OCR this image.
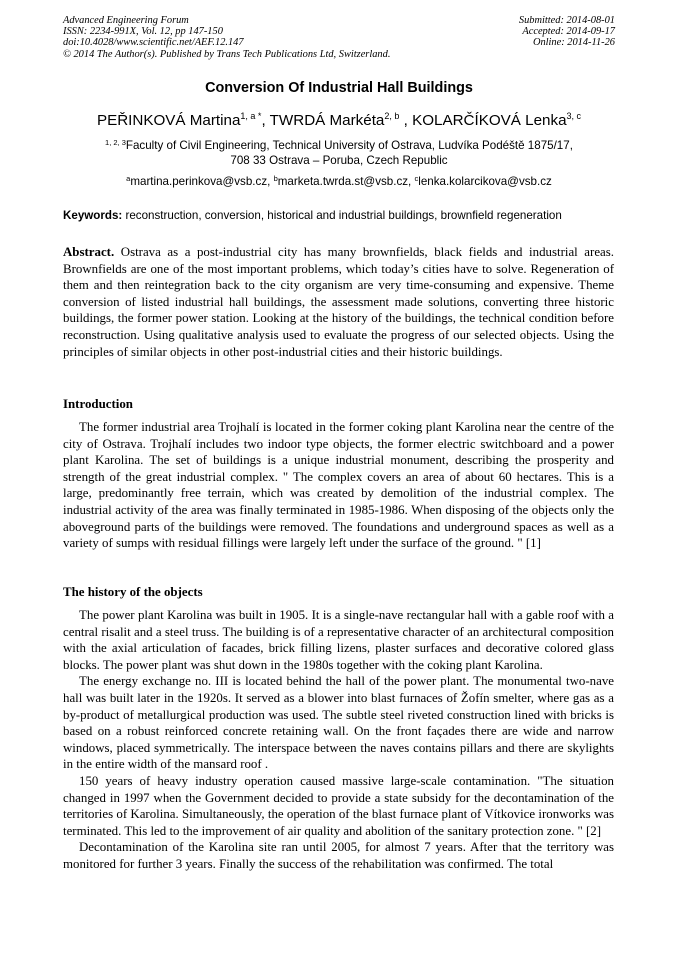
Advanced Engineering Forum
ISSN: 2234-991X, Vol. 12, pp 147-150
doi:10.4028/www.scientific.net/AEF.12.147
© 2014 The Author(s). Published by Trans Tech Publications Ltd, Switzerland.
Submitted: 2014-08-01
Accepted: 2014-09-17
Online: 2014-11-26
Conversion Of Industrial Hall Buildings
PEŘINKOVÁ Martina$^{1, a *}$, TWRDÁ Markéta$^{2, b}$ , KOLARČÍKOVÁ Lenka$^{3, c}$
$^{1, 2, 3}$Faculty of Civil Engineering, Technical University of Ostrava, Ludvíka Podéště 1875/17,
708 33 Ostrava – Poruba, Czech Republic
$^a$martina.perinkova@vsb.cz, $^b$marketa.twrda.st@vsb.cz, $^c$lenka.kolarcikova@vsb.cz
Keywords: reconstruction, conversion, historical and industrial buildings, brownfield regeneration

Abstract. Ostrava as a post-industrial city has many brownfields, black fields and industrial areas. Brownfields are one of the most important problems, which today’s cities have to solve. Regeneration of them and then reintegration back to the city organism are very time-consuming and expensive. Theme conversion of listed industrial hall buildings, the assessment made solutions, converting three historic buildings, the former power station. Looking at the history of the buildings, the technical condition before reconstruction. Using qualitative analysis used to evaluate the progress of our selected objects. Using the principles of similar objects in other post-industrial cities and their historic buildings.

Introduction

The former industrial area Trojhalí is located in the former coking plant Karolina near the centre of the city of Ostrava. Trojhalí includes two indoor type objects, the former electric switchboard and a power plant Karolina. The set of buildings is a unique industrial monument, describing the prosperity and strength of the great industrial complex. " The complex covers an area of about 60 hectares. This is a large, predominantly free terrain, which was created by demolition of the industrial complex. The industrial activity of the area was finally terminated in 1985-1986. When disposing of the objects only the aboveground parts of the buildings were removed. The foundations and underground spaces as well as a variety of sumps with residual fillings were largely left under the surface of the ground. " [1]

The history of the objects

The power plant Karolina was built in 1905. It is a single-nave rectangular hall with a gable roof with a central risalit and a steel truss. The building is of a representative character of an architectural composition with the axial articulation of facades, brick filling lizens, plaster surfaces and decorative colored glass blocks. The power plant was shut down in the 1980s together with the coking plant Karolina.

The energy exchange no. III is located behind the hall of the power plant. The monumental two-nave hall was built later in the 1920s. It served as a blower into blast furnaces of Žofín smelter, where gas as a by-product of metallurgical production was used. The subtle steel riveted construction lined with bricks is based on a robust reinforced concrete retaining wall. On the front façades there are wide and narrow windows, placed symmetrically. The interspace between the naves contains pillars and there are skylights in the entire width of the mansard roof .

150 years of heavy industry operation caused massive large-scale contamination. "The situation changed in 1997 when the Government decided to provide a state subsidy for the decontamination of the territories of Karolina. Simultaneously, the operation of the blast furnace plant of Vítkovice ironworks was terminated. This led to the improvement of air quality and abolition of the sanitary protection zone. " [2]

Decontamination of the Karolina site ran until 2005, for almost 7 years. After that the territory was monitored for further 3 years. Finally the success of the rehabilitation was confirmed. The total
